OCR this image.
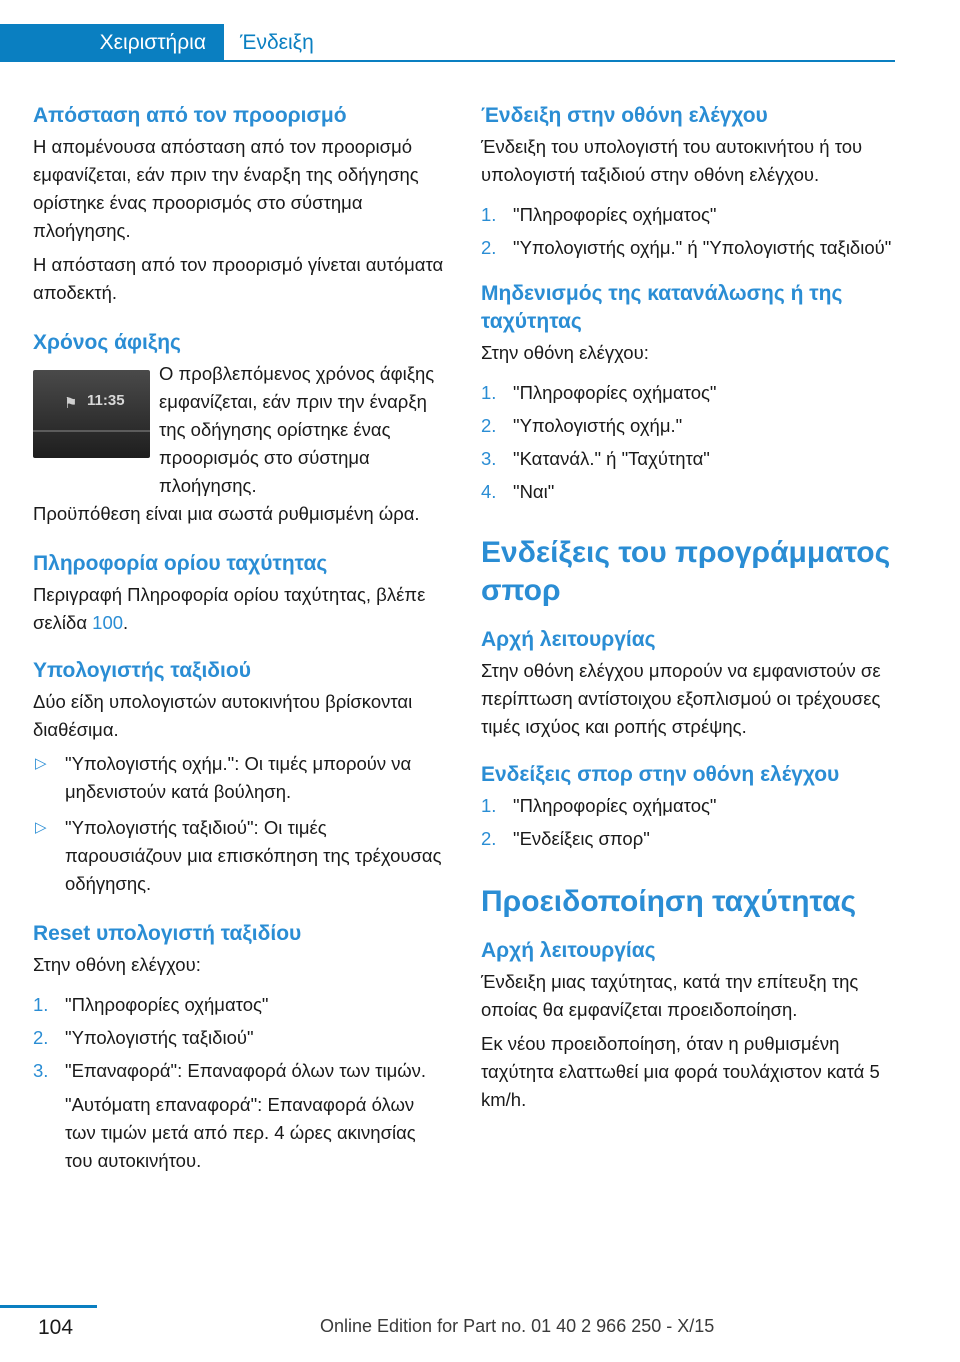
Χειριστήρια	Ένδειξη
Απόσταση από τον προορισμό

Η απομένουσα απόσταση από τον προορισμό εμφανίζεται, εάν πριν την έναρξη της οδήγησης ορίστηκε ένας προορισμός στο σύστημα πλοήγησης.

Η απόσταση από τον προορισμό γίνεται αυτόματα αποδεκτή.

Χρόνος άφιξης
⚑ 11:35

Ο προβλεπόμενος χρόνος άφιξης εμφανίζεται, εάν πριν την έναρξη της οδήγησης ορίστηκε ένας προορισμός στο σύστημα πλοήγησης.

Προϋπόθεση είναι μια σωστά ρυθμισμένη ώρα.

Πληροφορία ορίου ταχύτητας

Περιγραφή Πληροφορία ορίου ταχύτητας, βλέπε σελίδα 100.

Υπολογιστής ταξιδιού

Δύο είδη υπολογιστών αυτοκινήτου βρίσκονται διαθέσιμα.

▷ "Υπολογιστής οχήμ.": Οι τιμές μπορούν να μηδενιστούν κατά βούληση.
▷ "Υπολογιστής ταξιδιού": Οι τιμές παρουσιάζουν μια επισκόπηση της τρέχουσας οδήγησης.
Reset υπολογιστή ταξιδίου

Στην οθόνη ελέγχου:

1. "Πληροφορίες οχήματος"
2. "Υπολογιστής ταξιδιού"
3. "Επαναφορά": Επαναφορά όλων των τιμών.

"Αυτόματη επαναφορά": Επαναφορά όλων των τιμών μετά από περ. 4 ώρες ακινησίας του αυτοκινήτου.

Ένδειξη στην οθόνη ελέγχου

Ένδειξη του υπολογιστή του αυτοκινήτου ή του υπολογιστή ταξιδιού στην οθόνη ελέγχου.

1. "Πληροφορίες οχήματος"
2. "Υπολογιστής οχήμ." ή "Υπολογιστής ταξιδιού"
Μηδενισμός της κατανάλωσης ή της ταχύτητας

Στην οθόνη ελέγχου:

1. "Πληροφορίες οχήματος"
2. "Υπολογιστής οχήμ."
3. "Κατανάλ." ή "Ταχύτητα"
4. "Ναι"
Ενδείξεις του προγράμματος σπορ
Αρχή λειτουργίας

Στην οθόνη ελέγχου μπορούν να εμφανιστούν σε περίπτωση αντίστοιχου εξοπλισμού οι τρέχουσες τιμές ισχύος και ροπής στρέψης.

Ενδείξεις σπορ στην οθόνη ελέγχου
1. "Πληροφορίες οχήματος"
2. "Ενδείξεις σπορ"
Προειδοποίηση ταχύτητας
Αρχή λειτουργίας

Ένδειξη μιας ταχύτητας, κατά την επίτευξη της οποίας θα εμφανίζεται προειδοποίηση.

Εκ νέου προειδοποίηση, όταν η ρυθμισμένη ταχύτητα ελαττωθεί μια φορά τουλάχιστον κατά 5 km/h.

104	Online Edition for Part no. 01 40 2 966 250 - X/15
